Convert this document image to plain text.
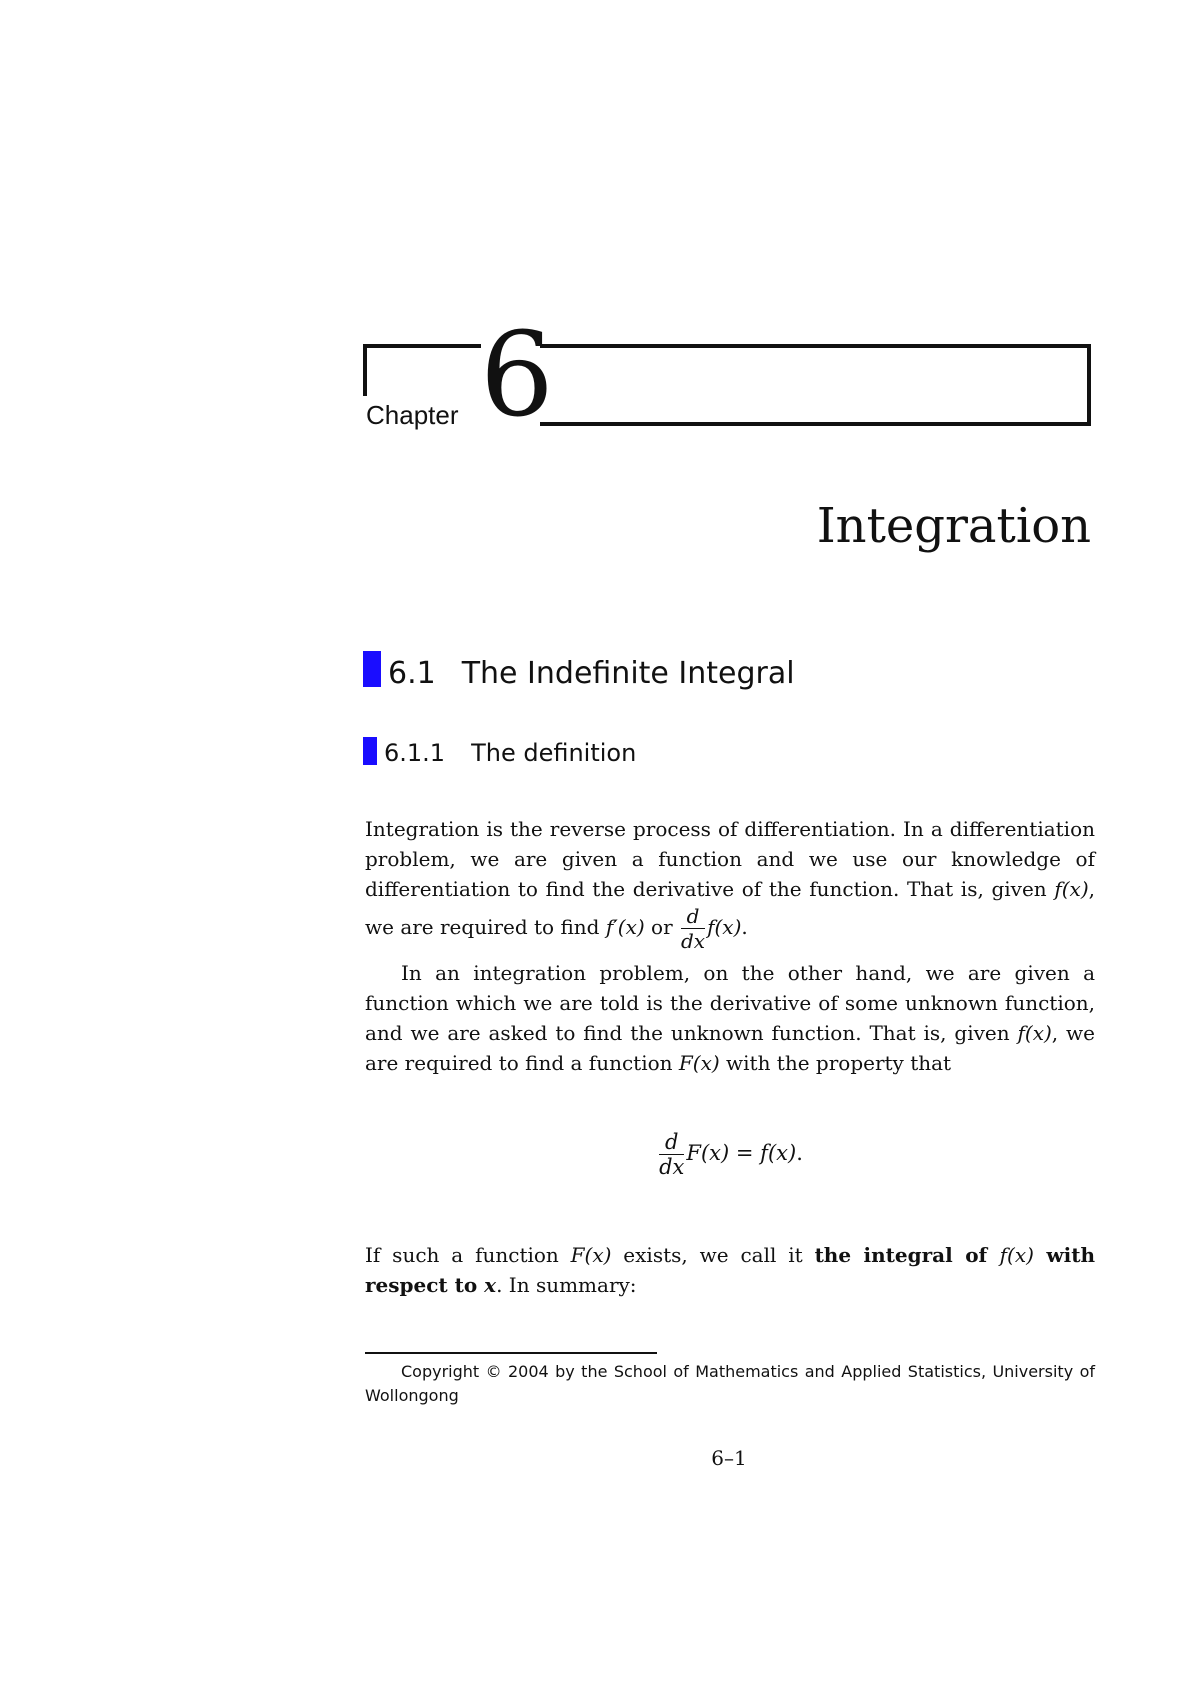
Chapter 6
Integration
6.1 The Indefinite Integral
6.1.1 The definition
Integration is the reverse process of differentiation. In a differentiation problem, we are given a function and we use our knowledge of differentiation to find the derivative of the function. That is, given f(x), we are required to find f′(x) or $\frac{d}{dx} f(x)$.
In an integration problem, on the other hand, we are given a function which we are told is the derivative of some unknown function, and we are asked to find the unknown function. That is, given f(x), we are required to find a function F(x) with the property that
$\frac{d}{dx} F(x) = f(x)$.
If such a function F(x) exists, we call it the integral of f(x) with respect to x. In summary:
Copyright © 2004 by the School of Mathematics and Applied Statistics, University of Wollongong
6–1
